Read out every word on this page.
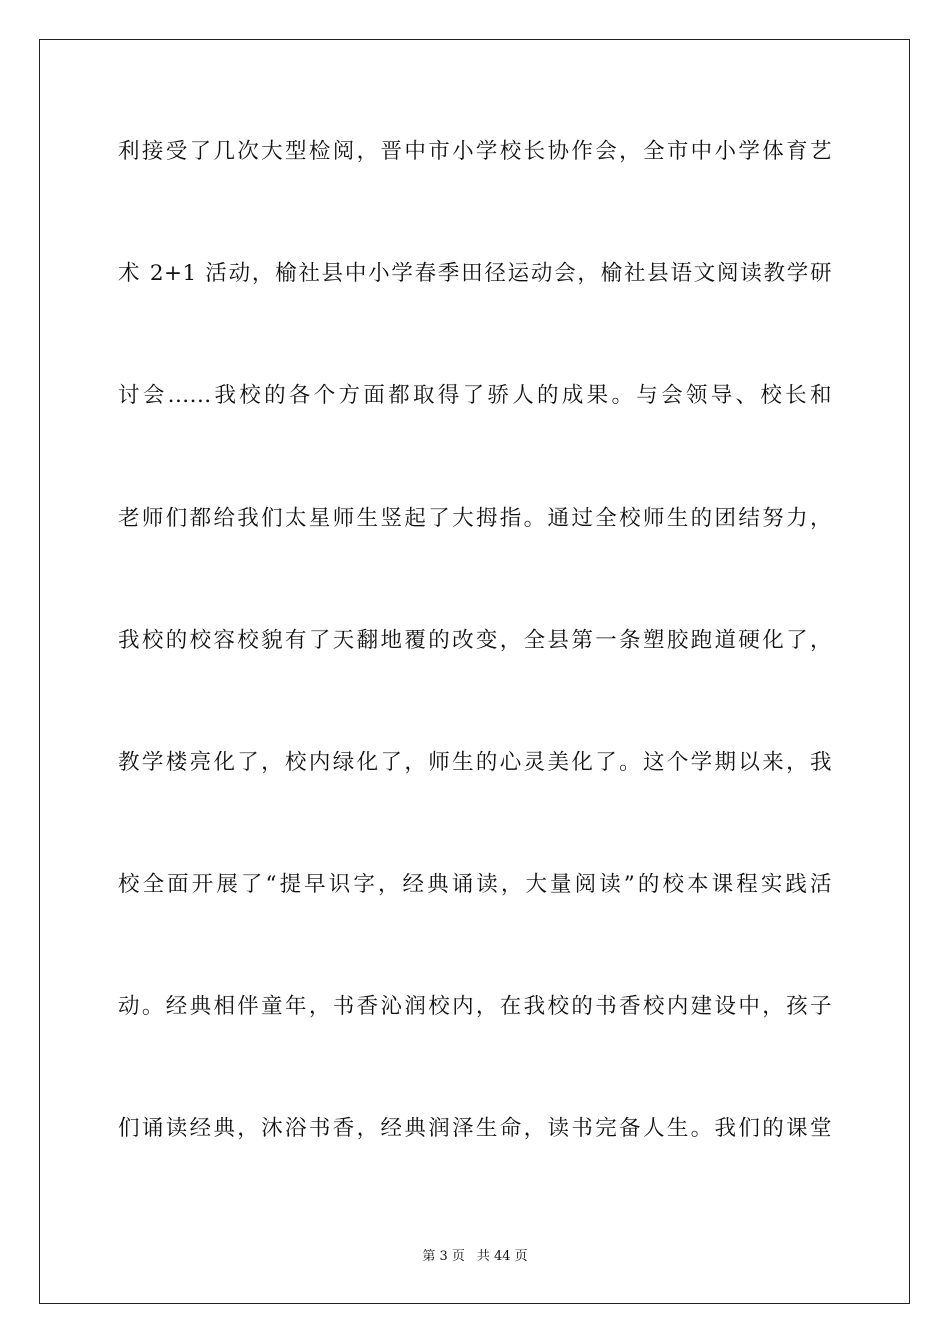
利接受了几次大型检阅，晋中市小学校长协作会，全市中小学体育艺
术 2+1 活动，榆社县中小学春季田径运动会，榆社县语文阅读教学研
讨会......我校的各个方面都取得了骄人的成果。与会领导、校长和
老师们都给我们太星师生竖起了大拇指。通过全校师生的团结努力，
我校的校容校貌有了天翻地覆的改变，全县第一条塑胶跑道硬化了，
教学楼亮化了，校内绿化了，师生的心灵美化了。这个学期以来，我
校全面开展了“提早识字，经典诵读，大量阅读”的校本课程实践活
动。经典相伴童年，书香沁润校内，在我校的书香校内建设中，孩子
们诵读经典，沐浴书香，经典润泽生命，读书完备人生。我们的课堂
第 3 页 共 44 页
